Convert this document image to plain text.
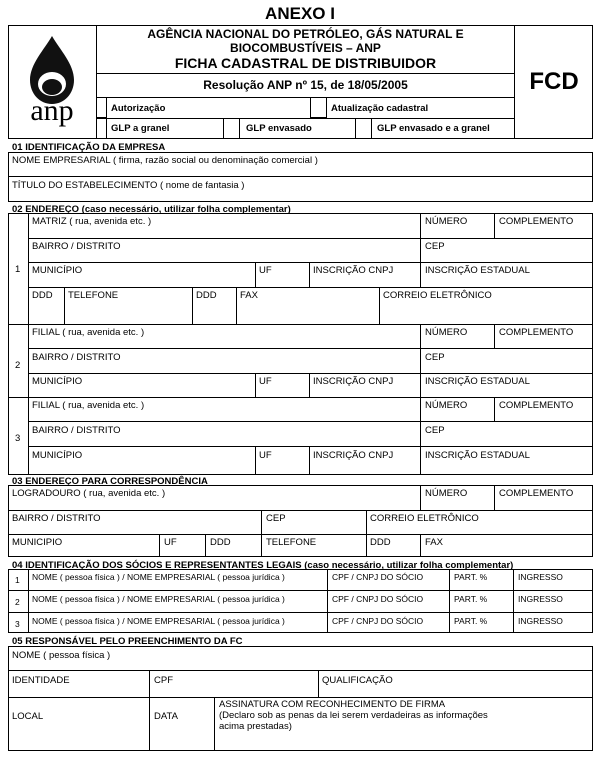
ANEXO I
anp
AGÊNCIA NACIONAL DO PETRÓLEO, GÁS NATURAL E
BIOCOMBUSTÍVEIS – ANP
FICHA CADASTRAL DE DISTRIBUIDOR
Resolução ANP nº 15, de 18/05/2005	FCD
Autorização	Atualização cadastral
GLP a granel	GLP envasado	GLP envasado e a granel
01 IDENTIFICAÇÃO DA EMPRESA
NOME EMPRESARIAL ( firma, razão social ou denominação comercial )
TÍTULO DO ESTABELECIMENTO ( nome de fantasia )
02 ENDEREÇO (caso necessário, utilizar folha complementar)
1
MATRIZ ( rua, avenida etc. )	NÚMERO	COMPLEMENTO
BAIRRO / DISTRITO	CEP
MUNICÍPIO	UF	INSCRIÇÃO CNPJ	INSCRIÇÃO ESTADUAL
DDD TELEFONE	DDD FAX	CORREIO ELETRÔNICO
2
FILIAL ( rua, avenida etc. )	NÚMERO	COMPLEMENTO
BAIRRO / DISTRITO	CEP
MUNICÍPIO	UF	INSCRIÇÃO CNPJ	INSCRIÇÃO ESTADUAL
3
FILIAL ( rua, avenida etc. )	NÚMERO	COMPLEMENTO
BAIRRO / DISTRITO	CEP
MUNICÍPIO	UF	INSCRIÇÃO CNPJ	INSCRIÇÃO ESTADUAL
03 ENDEREÇO PARA CORRESPONDÊNCIA
LOGRADOURO ( rua, avenida etc. )	NÚMERO	COMPLEMENTO
BAIRRO / DISTRITO	CEP	CORREIO ELETRÔNICO
MUNICIPIO	UF	DDD	TELEFONE	DDD	FAX
04 IDENTIFICAÇÃO DOS SÓCIOS E REPRESENTANTES LEGAIS (caso necessário, utilizar folha complementar)
1 NOME ( pessoa física ) / NOME EMPRESARIAL ( pessoa jurídica )	CPF / CNPJ DO SÓCIO	PART. %	INGRESSO
2 NOME ( pessoa física ) / NOME EMPRESARIAL ( pessoa jurídica )	CPF / CNPJ DO SÓCIO	PART. %	INGRESSO
3 NOME ( pessoa física ) / NOME EMPRESARIAL ( pessoa jurídica )	CPF / CNPJ DO SÓCIO	PART. %	INGRESSO
05 RESPONSÁVEL PELO PREENCHIMENTO DA FC
NOME ( pessoa física )
IDENTIDADE	CPF	QUALIFICAÇÃO
LOCAL	DATA
ASSINATURA COM RECONHECIMENTO DE FIRMA
(Declaro sob as penas da lei serem verdadeiras as informações
acima prestadas)
